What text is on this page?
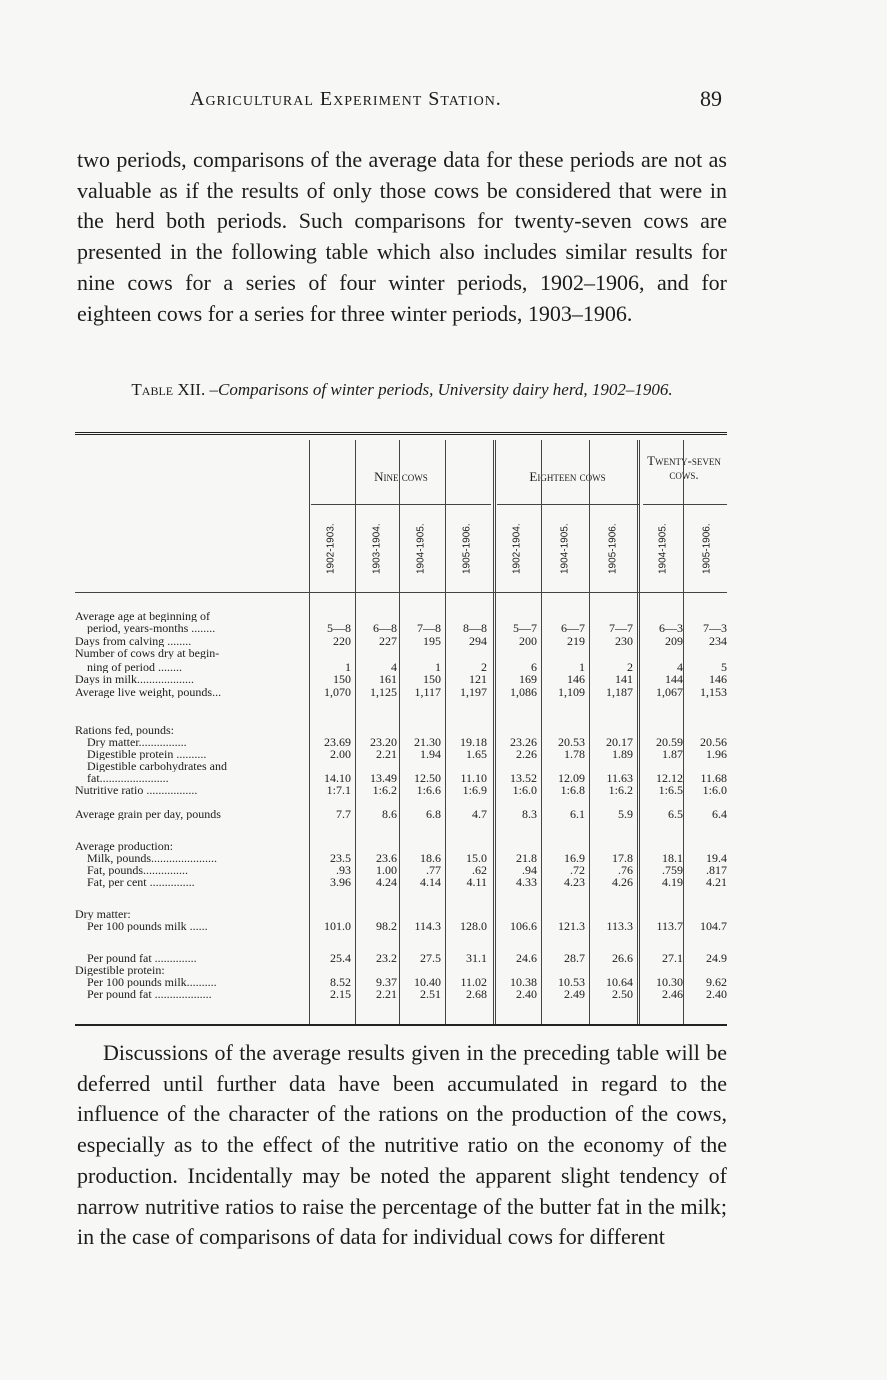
Agricultural Experiment Station.	89

two periods, comparisons of the average data for these periods are not as valuable as if the results of only those cows be considered that were in the herd both periods. Such comparisons for twenty-seven cows are presented in the following table which also includes similar results for nine cows for a series of four winter periods, 1902–1906, and for eighteen cows for a series for three winter periods, 1903–1906.

Table XII. –Comparisons of winter periods, University dairy herd, 1902–1906.
Nine cows	Eighteen cows
Twenty-seven cows.
1902-1903.	1903-1904.	1904-1905.	1905-1906.	1902-1904.	1904-1905.	1905-1906.	1904-1905.	1905-1906.
Average age at beginning of
period, years-months ........	5—8	6—8	7—8	8—8	5—7	6—7	7—7	6—3	7—3
Days from calving ........	220	227	195	294	200	219	230	209	234
Number of cows dry at begin-
ning of period ........	1	4	1	2	6	1	2	4	5
Days in milk...................	150	161	150	121	169	146	141	144	146
Average live weight, pounds...	1,070	1,125	1,117	1,197	1,086	1,109	1,187	1,067	1,153
Rations fed, pounds:
Dry matter................	23.69	23.20	21.30	19.18	23.26	20.53	20.17	20.59	20.56
Digestible protein ..........	2.00	2.21	1.94	1.65	2.26	1.78	1.89	1.87	1.96
Digestible carbohydrates and
fat.......................	14.10	13.49	12.50	11.10	13.52	12.09	11.63	12.12	11.68
Nutritive ratio .................	1:7.1	1:6.2	1:6.6	1:6.9	1:6.0	1:6.8	1:6.2	1:6.5	1:6.0
Average grain per day, pounds	7.7	8.6	6.8	4.7	8.3	6.1	5.9	6.5	6.4
Average production:
Milk, pounds......................	23.5	23.6	18.6	15.0	21.8	16.9	17.8	18.1	19.4
Fat, pounds...............	.93	1.00	.77	.62	.94	.72	.76	.759	.817
Fat, per cent ...............	3.96	4.24	4.14	4.11	4.33	4.23	4.26	4.19	4.21
Dry matter:
Per 100 pounds milk ......	101.0	98.2	114.3	128.0	106.6	121.3	113.3	113.7	104.7
Per pound fat ..............	25.4	23.2	27.5	31.1	24.6	28.7	26.6	27.1	24.9
Digestible protein:
Per 100 pounds milk..........	8.52	9.37	10.40	11.02	10.38	10.53	10.64	10.30	9.62
Per pound fat ...................	2.15	2.21	2.51	2.68	2.40	2.49	2.50	2.46	2.40

Discussions of the average results given in the preceding table will be deferred until further data have been accumulated in regard to the influence of the character of the rations on the production of the cows, especially as to the effect of the nutritive ratio on the economy of the production. Incidentally may be noted the apparent slight tendency of narrow nutritive ratios to raise the percentage of the butter fat in the milk; in the case of comparisons of data for individual cows for different
